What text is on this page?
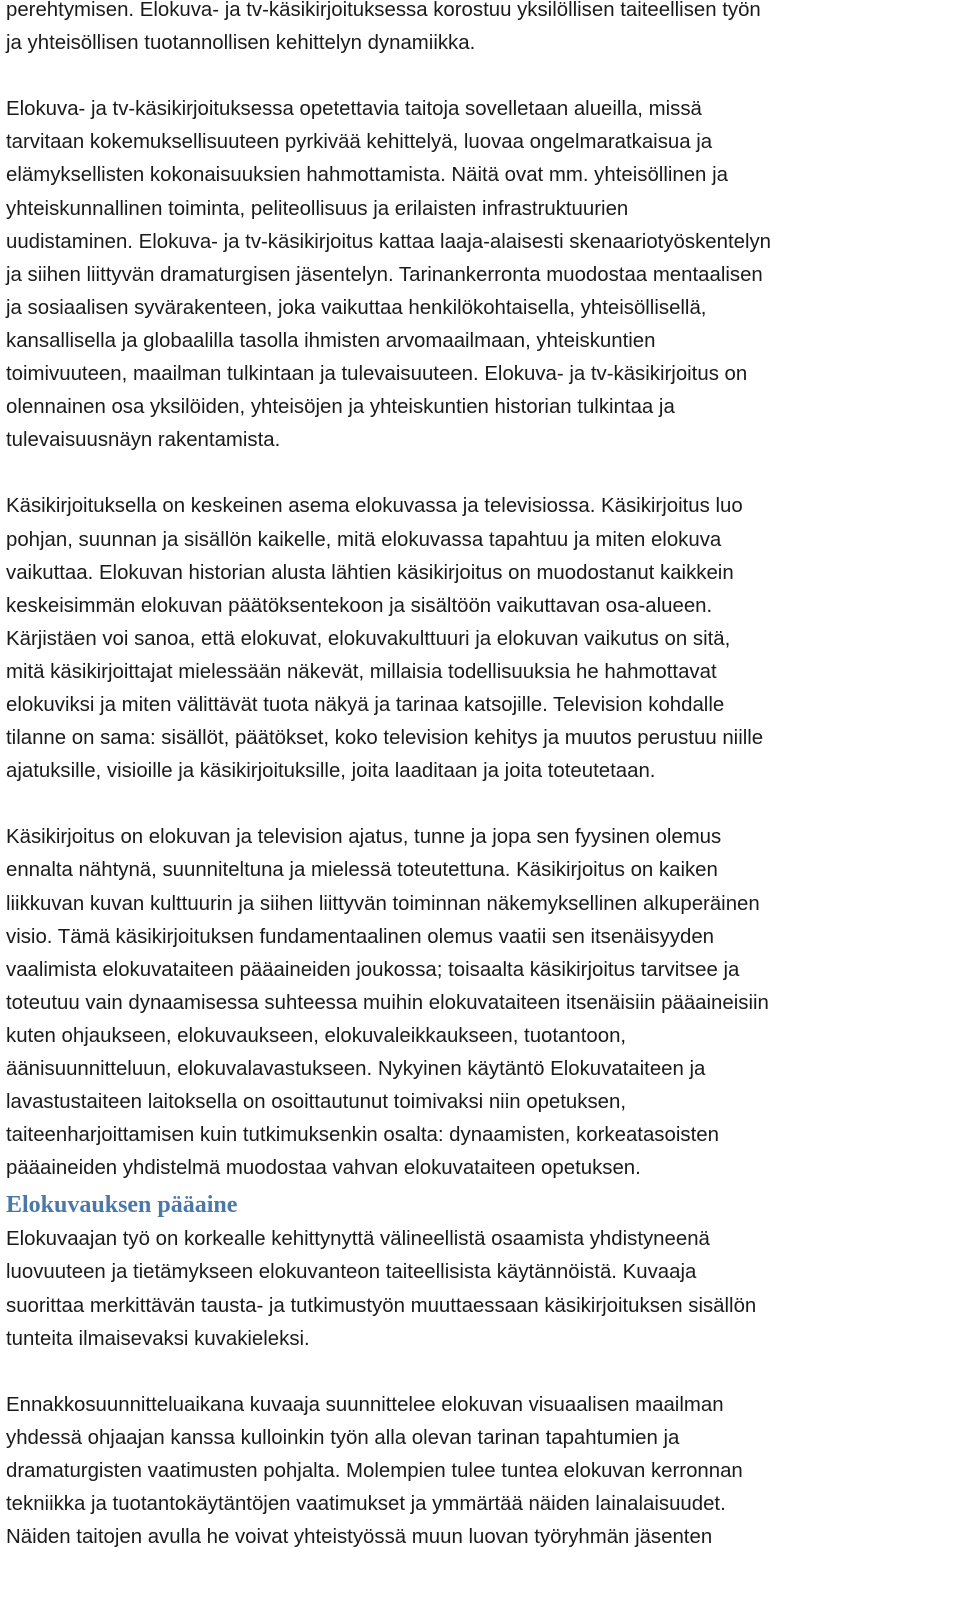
perehtymisen. Elokuva- ja tv-käsikirjoituksessa korostuu yksilöllisen taiteellisen työn
ja yhteisöllisen tuotannollisen kehittelyn dynamiikka.

Elokuva- ja tv-käsikirjoituksessa opetettavia taitoja sovelletaan alueilla, missä
tarvitaan kokemuksellisuuteen pyrkivää kehittelyä, luovaa ongelmaratkaisua ja
elämyksellisten kokonaisuuksien hahmottamista. Näitä ovat mm. yhteisöllinen ja
yhteiskunnallinen toiminta, peliteollisuus ja erilaisten infrastruktuurien
uudistaminen. Elokuva- ja tv-käsikirjoitus kattaa laaja-alaisesti skenaariotyöskentelyn
ja siihen liittyvän dramaturgisen jäsentelyn. Tarinankerronta muodostaa mentaalisen
ja sosiaalisen syvärakenteen, joka vaikuttaa henkilökohtaisella, yhteisöllisellä,
kansallisella ja globaalilla tasolla ihmisten arvomaailmaan, yhteiskuntien
toimivuuteen, maailman tulkintaan ja tulevaisuuteen. Elokuva- ja tv-käsikirjoitus on
olennainen osa yksilöiden, yhteisöjen ja yhteiskuntien historian tulkintaa ja
tulevaisuusnäyn rakentamista.

Käsikirjoituksella on keskeinen asema elokuvassa ja televisiossa. Käsikirjoitus luo
pohjan, suunnan ja sisällön kaikelle, mitä elokuvassa tapahtuu ja miten elokuva
vaikuttaa. Elokuvan historian alusta lähtien käsikirjoitus on muodostanut kaikkein
keskeisimmän elokuvan päätöksentekoon ja sisältöön vaikuttavan osa-alueen.
Kärjistäen voi sanoa, että elokuvat, elokuvakulttuuri ja elokuvan vaikutus on sitä,
mitä käsikirjoittajat mielessään näkevät, millaisia todellisuuksia he hahmottavat
elokuviksi ja miten välittävät tuota näkyä ja tarinaa katsojille. Television kohdalle
tilanne on sama: sisällöt, päätökset, koko television kehitys ja muutos perustuu niille
ajatuksille, visioille ja käsikirjoituksille, joita laaditaan ja joita toteutetaan.

Käsikirjoitus on elokuvan ja television ajatus, tunne ja jopa sen fyysinen olemus
ennalta nähtynä, suunniteltuna ja mielessä toteutettuna. Käsikirjoitus on kaiken
liikkuvan kuvan kulttuurin ja siihen liittyvän toiminnan näkemyksellinen alkuperäinen
visio. Tämä käsikirjoituksen fundamentaalinen olemus vaatii sen itsenäisyyden
vaalimista elokuvataiteen pääaineiden joukossa; toisaalta käsikirjoitus tarvitsee ja
toteutuu vain dynaamisessa suhteessa muihin elokuvataiteen itsenäisiin pääaineisiin
kuten ohjaukseen, elokuvaukseen, elokuvaleikkaukseen, tuotantoon,
äänisuunnitteluun, elokuvalavastukseen. Nykyinen käytäntö Elokuvataiteen ja
lavastustaiteen laitoksella on osoittautunut toimivaksi niin opetuksen,
taiteenharjoittamisen kuin tutkimuksenkin osalta: dynaamisten, korkeatasoisten
pääaineiden yhdistelmä muodostaa vahvan elokuvataiteen opetuksen.

Elokuvauksen pääaine

Elokuvaajan työ on korkealle kehittynyttä välineellistä osaamista yhdistyneenä
luovuuteen ja tietämykseen elokuvanteon taiteellisista käytännöistä. Kuvaaja
suorittaa merkittävän tausta- ja tutkimustyön muuttaessaan käsikirjoituksen sisällön
tunteita ilmaisevaksi kuvakieleksi.

Ennakkosuunnitteluaikana kuvaaja suunnittelee elokuvan visuaalisen maailman
yhdessä ohjaajan kanssa kulloinkin työn alla olevan tarinan tapahtumien ja
dramaturgisten vaatimusten pohjalta. Molempien tulee tuntea elokuvan kerronnan
tekniikka ja tuotantokäytäntöjen vaatimukset ja ymmärtää näiden lainalaisuudet.
Näiden taitojen avulla he voivat yhteistyössä muun luovan työryhmän jäsenten
